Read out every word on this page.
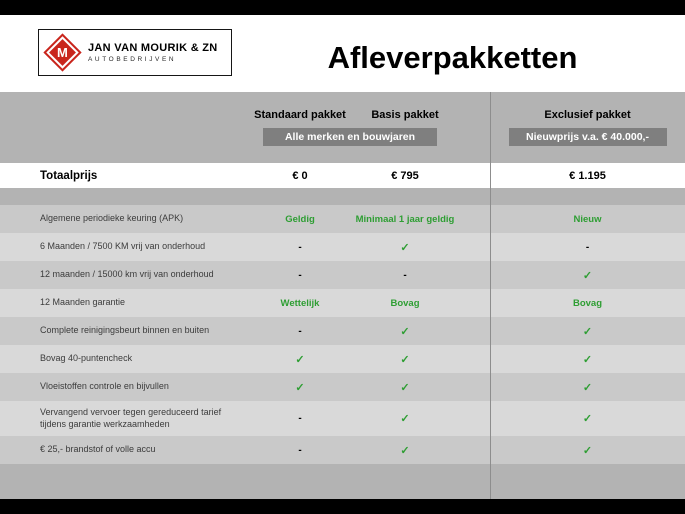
M JAN VAN MOURIK & ZN
AUTOBEDRIJVEN	Afleverpakketten
Standaard pakket	Basis pakket	Exclusief pakket
Alle merken en bouwjaren	Nieuwprijs v.a. € 40.000,-
Totaalprijs	€ 0	€ 795	€ 1.195
Algemene periodieke keuring (APK)	Geldig	Minimaal 1 jaar geldig	Nieuw
6 Maanden / 7500 KM vrij van onderhoud	-	✓	-
12 maanden / 15000 km vrij van onderhoud	-	-	✓
12 Maanden garantie	Wettelijk	Bovag	Bovag
Complete reinigingsbeurt binnen en buiten	-	✓	✓
Bovag 40-puntencheck	✓	✓	✓
Vloeistoffen controle en bijvullen	✓	✓	✓
Vervangend vervoer tegen gereduceerd tarief tijdens garantie werkzaamheden	-	✓	✓
€ 25,- brandstof of volle accu	-	✓	✓
